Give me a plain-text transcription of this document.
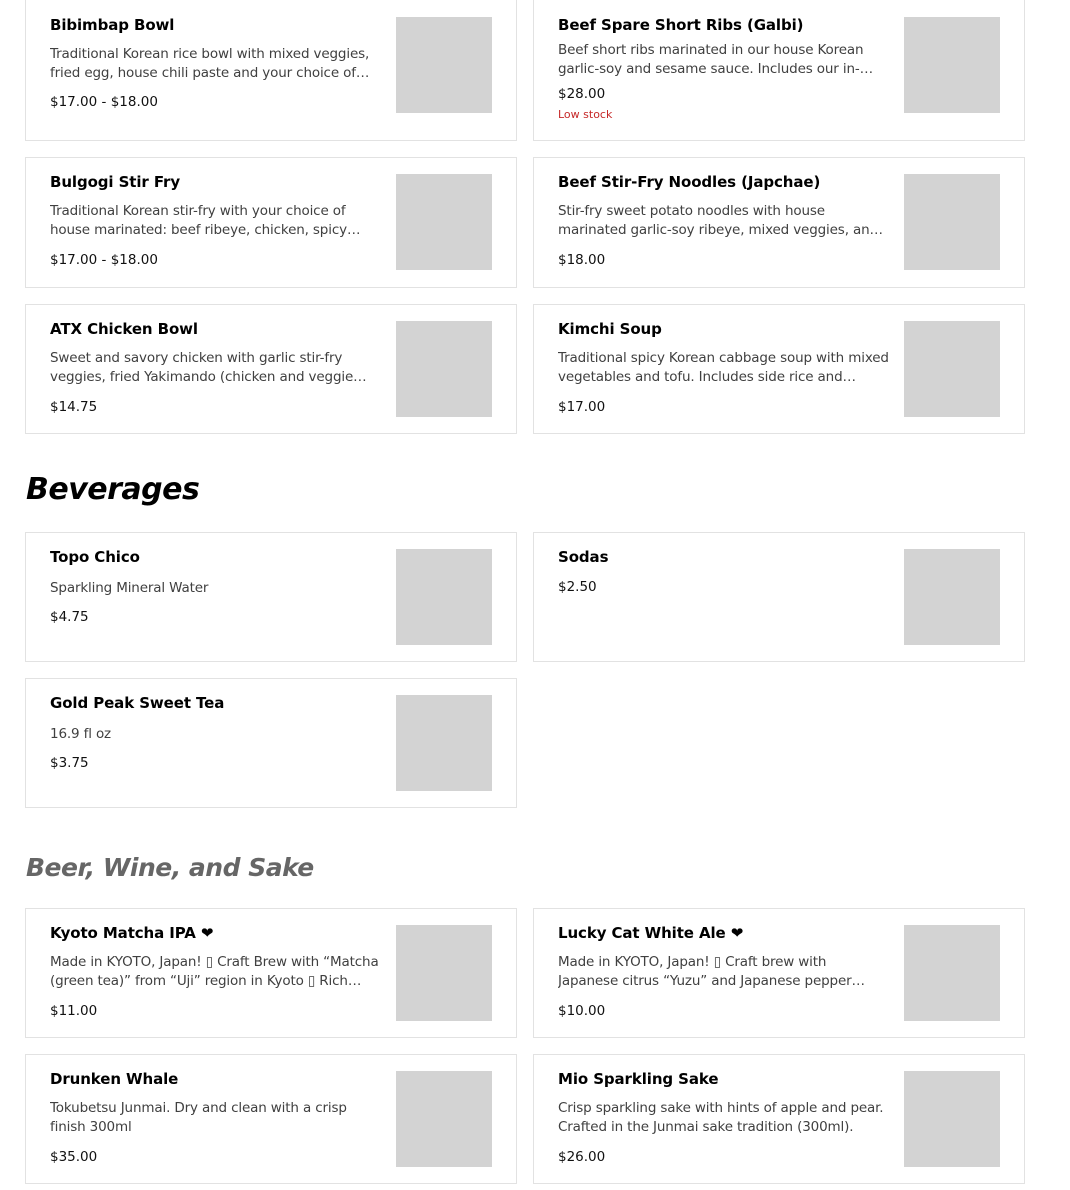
Bibimbap Bowl
Traditional Korean rice bowl with mixed veggies, fried egg, house chili paste and your choice of
$17.00 - $18.00
Beef Spare Short Ribs (Galbi)
Beef short ribs marinated in our house Korean garlic-soy and sesame sauce. Includes our in-
$28.00
Low stock
Bulgogi Stir Fry
Traditional Korean stir-fry with your choice of house marinated: beef ribeye, chicken, spicy
$17.00 - $18.00
Beef Stir-Fry Noodles (Japchae)
Stir-fry sweet potato noodles with house marinated garlic-soy ribeye, mixed veggies, and
$18.00
ATX Chicken Bowl
Sweet and savory chicken with garlic stir-fry veggies, fried Yakimando (chicken and veggie
$14.75
Kimchi Soup
Traditional spicy Korean cabbage soup with mixed vegetables and tofu. Includes side rice and
$17.00
Beverages
Topo Chico
Sparkling Mineral Water
$4.75
Sodas
$2.50
Gold Peak Sweet Tea
16.9 fl oz
$3.75
Beer, Wine, and Sake
Kyoto Matcha IPA ❤
Made in KYOTO, Japan! ▯ Craft Brew with “Matcha (green tea)” from “Uji” region in Kyoto ▯ Rich
$11.00
Lucky Cat White Ale ❤
Made in KYOTO, Japan! ▯ Craft brew with Japanese citrus “Yuzu” and Japanese pepper
$10.00
Drunken Whale
Tokubetsu Junmai. Dry and clean with a crisp finish 300ml
$35.00
Mio Sparkling Sake
Crisp sparkling sake with hints of apple and pear. Crafted in the Junmai sake tradition (300ml).
$26.00
